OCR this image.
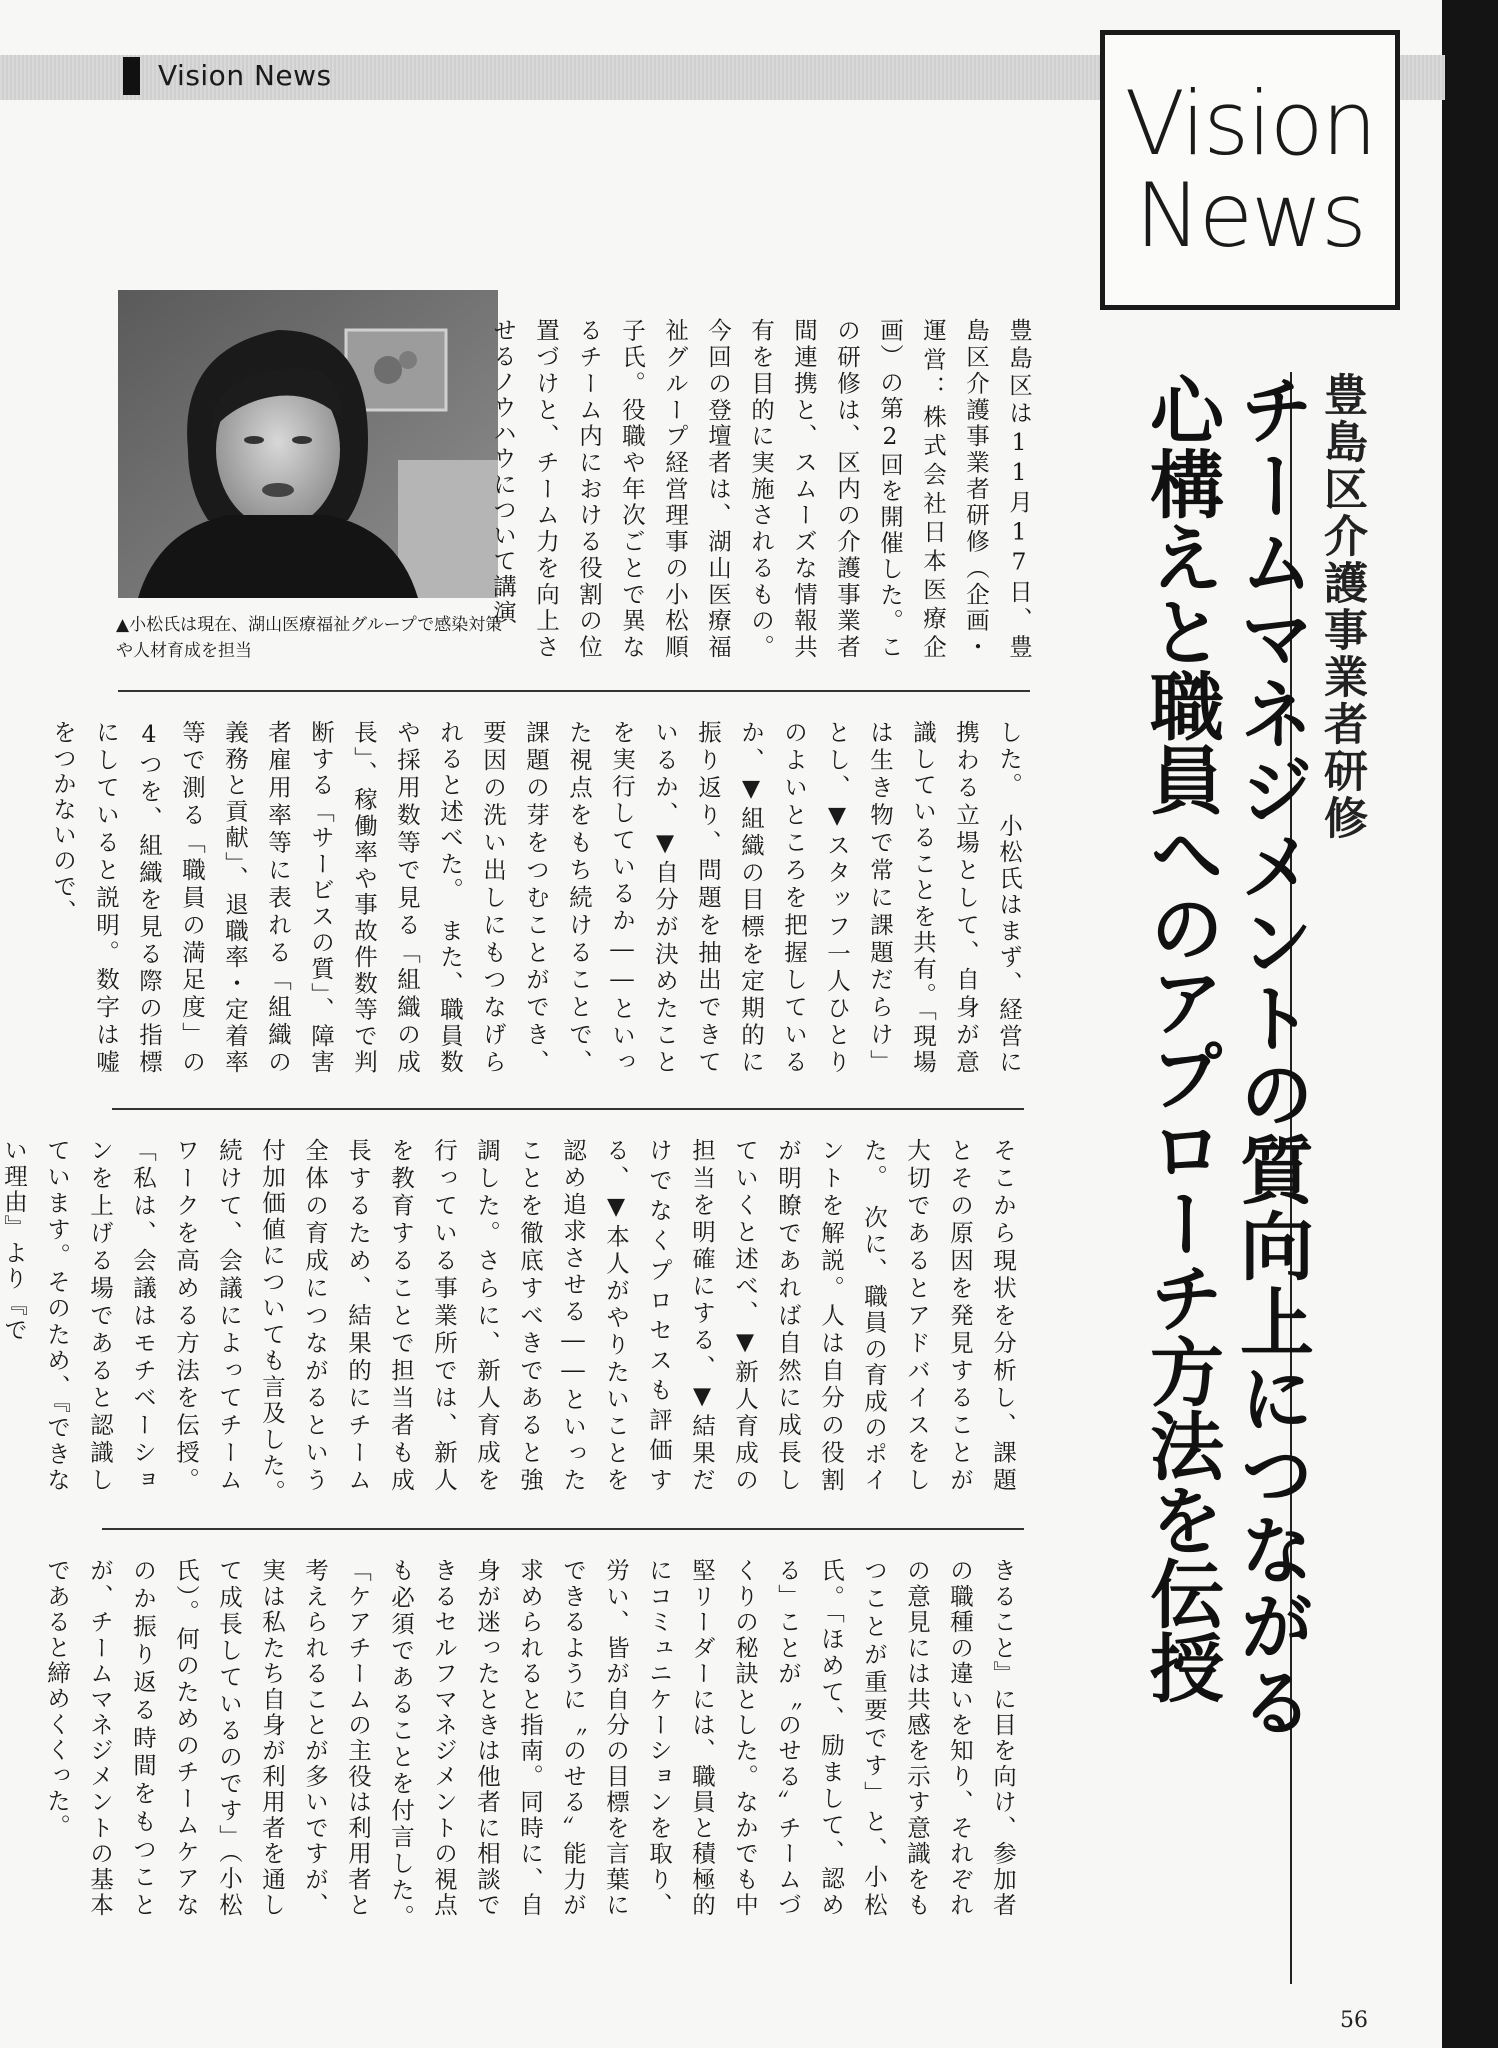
Vision News	Vision
News
豊島区介護事業者研修
チームマネジメントの質向上につながる
心構えと職員へのアプローチ方法を伝授
▲小松氏は現在、湖山医療福祉グループで感染対策や人材育成を担当	豊島区は11月17日、豊島区介護事業者研修（企画・運営：株式会社日本医療企画）の第2回を開催した。この研修は、区内の介護事業者間連携と、スムーズな情報共有を目的に実施されるもの。今回の登壇者は、湖山医療福祉グループ経営理事の小松順子氏。役職や年次ごとで異なるチーム内における役割の位置づけと、チーム力を向上させるノウハウについて講演

した。　小松氏はまず、経営に携わる立場として、自身が意識していることを共有。「現場は生き物で常に課題だらけ」とし、▼スタッフ一人ひとりのよいところを把握しているか、▼組織の目標を定期的に振り返り、問題を抽出できているか、▼自分が決めたことを実行しているか――といった視点をもち続けることで、課題の芽をつむことができ、要因の洗い出しにもつなげられると述べた。　また、職員数や採用数等で見る「組織の成長」、稼働率や事故件数等で判断する「サービスの質」、障害者雇用率等に表れる「組織の義務と貢献」、退職率・定着率等で測る「職員の満足度」の4つを、組織を見る際の指標にしていると説明。数字は嘘をつかないので、

そこから現状を分析し、課題とその原因を発見することが大切であるとアドバイスをした。　次に、職員の育成のポイントを解説。人は自分の役割が明瞭であれば自然に成長していくと述べ、▼新人育成の担当を明確にする、▼結果だけでなくプロセスも評価する、▼本人がやりたいことを認め追求させる――といったことを徹底すべきであると強調した。さらに、新人育成を行っている事業所では、新人を教育することで担当者も成長するため、結果的にチーム全体の育成につながるという付加価値についても言及した。　続けて、会議によってチームワークを高める方法を伝授。「私は、会議はモチベーションを上げる場であると認識しています。そのため、『できない理由』より『で

きること』に目を向け、参加者の職種の違いを知り、それぞれの意見には共感を示す意識をもつことが重要です」と、小松氏。「ほめて、励まして、認める」ことが〝のせる〟チームづくりの秘訣とした。なかでも中堅リーダーには、職員と積極的にコミュニケーションを取り、労い、皆が自分の目標を言葉にできるように〝のせる〟能力が求められると指南。同時に、自身が迷ったときは他者に相談できるセルフマネジメントの視点も必須であることを付言した。　「ケアチームの主役は利用者と考えられることが多いですが、実は私たち自身が利用者を通して成長しているのです」（小松氏）。何のためのチームケアなのか振り返る時間をもつことが、チームマネジメントの基本であると締めくくった。

56
